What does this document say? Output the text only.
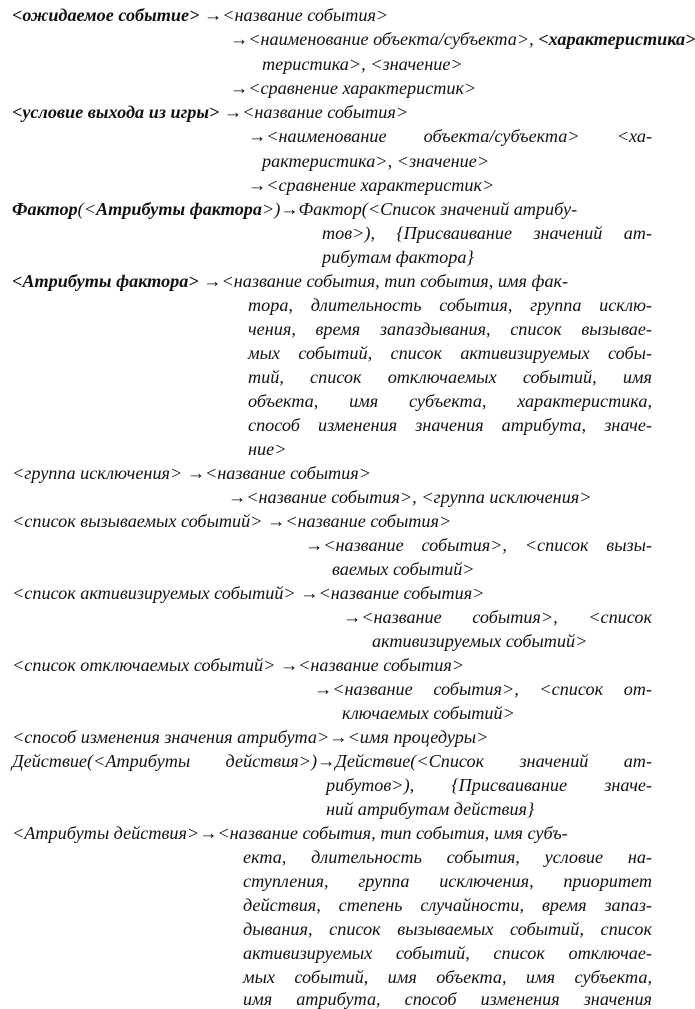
<ожидаемое событие> →<название события>
→<наименование объекта/субъекта>, <характеристика>
теристика>, <значение>
→<сравнение характеристик>
<условие выхода из игры> →<название события>
→<наименование объекта/субъекта> <ха-
рактеристика>, <значение>
→<сравнение характеристик>
Фактор(<Атрибуты фактора>)→Фактор(<Список значений атрибу-
тов>), {Присваивание значений ат-
рибутам фактора}
<Атрибуты фактора> →<название события, тип события, имя фак-
тора, длительность события, группа исклю-
чения, время запаздывания, список вызывае-
мых событий, список активизируемых собы-
тий, список отключаемых событий, имя
объекта, имя субъекта, характеристика,
способ изменения значения атрибута, значе-
ние>
<группа исключения> →<название события>
→<название события>, <группа исключения>
<список вызываемых событий> →<название события>
→<название события>, <список вызы-
ваемых событий>
<список активизируемых событий> →<название события>
→<название события>, <список
активизируемых событий>
<список отключаемых событий> →<название события>
→<название события>, <список от-
ключаемых событий>
<способ изменения значения атрибута>→<имя процедуры>
Действие(<Атрибуты действия>)→Действие(<Список значений ат-
рибутов>), {Присваивание значе-
ний атрибутам действия}
<Атрибуты действия>→<название события, тип события, имя субъ-
екта, длительность события, условие на-
ступления, группа исключения, приоритет
действия, степень случайности, время запаз-
дывания, список вызываемых событий, список
активизируемых событий, список отключае-
мых событий, имя объекта, имя субъекта,
имя атрибута, способ изменения значения
